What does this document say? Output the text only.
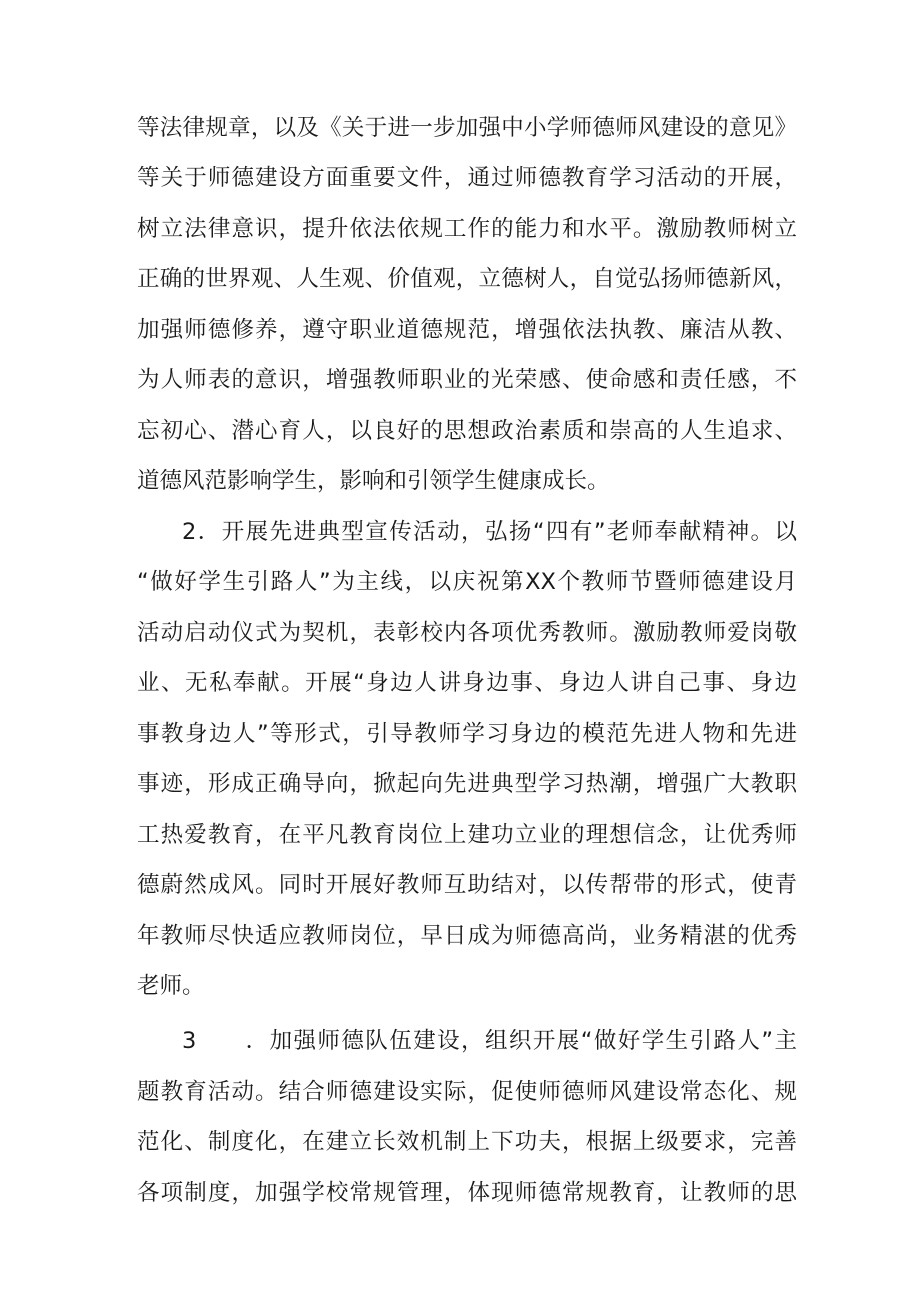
等法律规章，以及《关于进一步加强中小学师德师风建设的意见》
等关于师德建设方面重要文件，通过师德教育学习活动的开展，
树立法律意识，提升依法依规工作的能力和水平。激励教师树立
正确的世界观、人生观、价值观，立德树人，自觉弘扬师德新风，
加强师德修养，遵守职业道德规范，增强依法执教、廉洁从教、
为人师表的意识，增强教师职业的光荣感、使命感和责任感，不
忘初心、潜心育人，以良好的思想政治素质和崇高的人生追求、
道德风范影响学生，影响和引领学生健康成长。
2．开展先进典型宣传活动，弘扬“四有”老师奉献精神。以
“做好学生引路人”为主线，以庆祝第XX个教师节暨师德建设月
活动启动仪式为契机，表彰校内各项优秀教师。激励教师爱岗敬
业、无私奉献。开展“身边人讲身边事、身边人讲自己事、身边
事教身边人”等形式，引导教师学习身边的模范先进人物和先进
事迹，形成正确导向，掀起向先进典型学习热潮，增强广大教职
工热爱教育，在平凡教育岗位上建功立业的理想信念，让优秀师
德蔚然成风。同时开展好教师互助结对，以传帮带的形式，使青
年教师尽快适应教师岗位，早日成为师德高尚，业务精湛的优秀
老师。
3　　．加强师德队伍建设，组织开展“做好学生引路人”主
题教育活动。结合师德建设实际，促使师德师风建设常态化、规
范化、制度化，在建立长效机制上下功夫，根据上级要求，完善
各项制度，加强学校常规管理，体现师德常规教育，让教师的思
